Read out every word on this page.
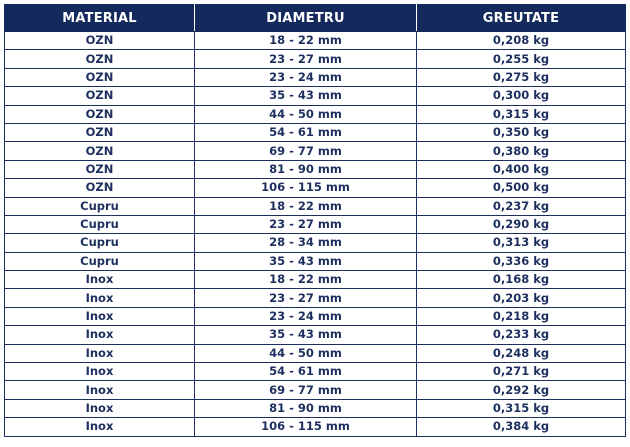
MATERIAL	DIAMETRU	GREUTATE
OZN	18 - 22 mm	0,208 kg
OZN	23 - 27 mm	0,255 kg
OZN	23 - 24 mm	0,275 kg
OZN	35 - 43 mm	0,300 kg
OZN	44 - 50 mm	0,315 kg
OZN	54 - 61 mm	0,350 kg
OZN	69 - 77 mm	0,380 kg
OZN	81 - 90 mm	0,400 kg
OZN	106 - 115 mm	0,500 kg
Cupru	18 - 22 mm	0,237 kg
Cupru	23 - 27 mm	0,290 kg
Cupru	28 - 34 mm	0,313 kg
Cupru	35 - 43 mm	0,336 kg
Inox	18 - 22 mm	0,168 kg
Inox	23 - 27 mm	0,203 kg
Inox	23 - 24 mm	0,218 kg
Inox	35 - 43 mm	0,233 kg
Inox	44 - 50 mm	0,248 kg
Inox	54 - 61 mm	0,271 kg
Inox	69 - 77 mm	0,292 kg
Inox	81 - 90 mm	0,315 kg
Inox	106 - 115 mm	0,384 kg
